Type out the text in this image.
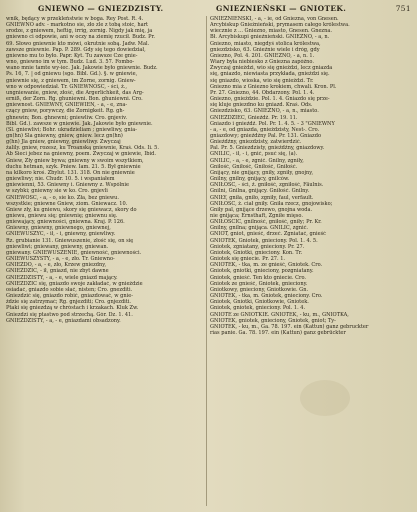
GNIEWNO — GNIEZDZISTY.	GNIEZNIEŃSKI — GNIOTEK.	751
wnik, będący w przekleństwie w boga. Rey Post. R. 4.
GNIEWNO adv. - markotno sie, zło zle z tobą stoic, hart
srodze, z gniewem, heftig, irrig, zornig. Nigdy jak mię, ja
gniewno ci odpowie, ani w oczy na ziemię rzucił. Budz. Pr.
69. Słowo gniewnie kto mówi, okrutnie sobą. Jadw. Mal.
zawsze gniewnie. Pap. P. 289. Gdy się tego dowiedział,
gniewno mu to było. Papr. Kyt. Tu zawsze Cze gnie-
wno, gniewno im w tym. Budz. Lud. 3. 57. Fombo-
wano mnie tamte wy-iec. Jak. Jakowie było gniewnie. Budz.
Ps. 16, 7. | od gniewu (sgo. Bibl. Gd.). §. w gniewie,
gniewnie się, z gniewem, im Zorne, zornig. Gniew-
wno w odpowiedział. Tr. GNIEWNOSC, - ści, ż.,
ungniewanie, gniew, złość, die Ärgerlichkeit, das Ärg-
erniß, der Zorn. Rg. ghuniewni. Bon. ghuniewni. Cro.
gniewnost. GNIEWNY, GNIEWIEN, - a, - e, zna-
czący gniew, porywczy, die Zornigkeit. Rg. gh-
ghnewin; Bon. ghnewni; gniewliw. Cro. gnjeviv.
Bibl. Gd.). zawsze w gniewie. Jak. Jakowie było gniewnie.
(Sl. gniewlivi; Bohr. ukradzieliam ; gniewliwy, gnia-
gn(hn) Sla gniewny, gniew, gniew. lecz gn(hn)
g(hn) Jla gniew, gniewny, gniewliwy. Zwyczaj
żalily. gniew, rozesz, ku Troanską gniewnie, Kraś. Ods. Ii. 5.
Ab Sieci jebez na gniewny, poem. Zwyczaj w gniewie, Ibid.
Gniew, Zły gniew bywa; gniewny w swoim wszytkiem,
duchu hetman, szyk. Pniew. Iam. 21. 5. Był gniewnie
na kilkoro kroś. Zbylut. 131. 318. On nie gniewnie
gniewliwy; nie. Chudr. 10. 5. i wspaniałem
gniewienni, 53. Gniewny i. Gniewny z. Wspólnie
w szybki; gniewny sie w ko. Cro. gnjevli
GNIEWOSĆ, - a, - o, sie ko. Zła, bez gniewu.
wszystkie; gniewne Gniew, ziom. Gniewacz. 10.
Gniew zły, ku gniewu, skory się gniewacz, skory do
gniewu, gniewu się; gniewnię; gniewnu się.
gniewający, gniewności, gniewna. Kraj. P. 126.
Gniewny, gniewny, gniewnego, gniewnej,
GNIEWUSZYĆ, - ił, - i, gniewny, gniewliwy.
Rz. grubianie 131. Gniewuszenie, złość się, on się
gniewliwi; gniewany, gniewny, gniewan.
gniewany. GNIEWUSZENIE, gniewność, gniewności.
GNIEWUSZYSTY, - a, - e, zło. Tr. Gniewno-
GNIEZDO, - a, - e, zło, Krzew gniezdny,
GNIEZDZIC, - ił, gniazd, nie zbyt dawne
GNIEZDZISTY, - a, - e, wiele gniazd mający.
GNIEZDZIC się, gniazdo swoje zakładać, w gnieździe
osiadać, gniazdo sobie słać, nisten; Cro. gnezditi.
Gniezdzić się, gniazdo robić, gniazdować, w gnie-
żdzie się zatrzymać; Rg. gnjezditi; Cro. gnjezditi.
Ptaki się gniezdzą w chróstach i krzakach. Kluk Zw.
Gniezdzi się ptastwo pod strzechą. Gór. Dz. 1. 41.
GNIEZDZISTY, - a, - e, gniazdami obsadzony.
GNIEZNIEŃSKI, - a, - ie, od Gniezna, von Gnesen.
Arcybiskup Gnieźnieński, prymasem całego królestwa.
wiecznie z ... Gniezno, miasto, Gnesen. Gnezna.
Bł. Arcybiskupi gnieźnieński. GNIEZNO, - a, n.
Gniezno, miasto, niegdyś stolica królestwa,
gniezdzisko, 63. Gnieźnie wiele i dróg, gdy
Gniezno, Pol. 4. 201. GNIEZNO, - a, n. 1.
Wiary była niebiesko z Gniezna zapóźno.
Zwyczaj gnieździ, wio się gnieździ, lecz gniazda
się, gniazdo, niewiasta przykłada, gnieździ się.
się gniazdo, wioska, wio się gnieździ. Tr.
Gniezno mia z Gniezno krokiem, chwali. Kron. Pl.
Pr. 27. Gniezno, 44. Obdarzony. Pol. 1. 4.
Gniezno, gnieździe. Pol. 1. 4. Gniazdo się prze-
się kluje gniezdno ku gniazd. Kraś. Ods.
Gniezdzisko, 63. GNIEZNO, - a, n., miasto.
GNIEŹDZIEC, Gnieźdź. Pr. 19. 11.
Gniazdo i gnieźdź. Pol. Pr. 1. 4. 5. - 3 "GNIEWNY
- a, - e, od gniazda, gnieździsty, Nest-. Cro.
gniazdowy; gnieźdźny Pal. Pr. 131. Gniazdo
Gnieźdźny, gniezdzisty, zatwierdzić.
Pal. Pr. 5. Gniezdzisty, gnieźdźny, gniazdowy.
GNILIC, - ił, - i, gnić, psuć się, (a).
GNILIĆ, - a, - e, zgnić. Gnilny, zgniły,
Gniłość, Gniłość, Gniłość, Gniłość.
Gnijący, nie gnijący, gniły, zgniły, gnojny,
Gnilny, gnilny, gnijący, gnilców.
GNIŁOŚĆ, - ści, ż. gniłość, zgniłość, Fäulnis.
Gnilni, Gnilna, gnijący. Gniłość. Gnilny.
GNIŁY, gniła, gniło, zgniły, faul, verfault.
GNIŁOŚĆ, ż. ciał gniły. Gniła rzecz, gnojowisko;
Gniły pal, gnijące drzewo, gnojna woda.
nie gnijąca; Ernsthaft, Zgniłe mięso.
GNIŁOŚCIĆ, gnilność, gniłość, gniły; Pr. Kr.
Gnilny, gnilna; gnijąca. GNILIĆ, zgnić.
GNIOT, gniot, gnieść, drzeć. Zgniatać, gnieść
GNIOTEK, Gniotek, gnieciony. Pol. 1. 4. 5.
Gniotek, zgniatany, gnieciony. Pr. 27.
Gniotek, Gniotki, gnieciony. Kon. Tr.
Gniotek się gniecie. Pr. 27. 1.
GNIOTEK, - tka, m. ze gnieść, Gniotek. Cro.
Gniotek, gniotki, gnieciony, pozgniatany.
Gniotek, gnieść. Ten kto gniecie. Cro.
Gniotek ze gnieść, Gniotek, gnieciony.
Gniotkowy, gnieciony, Gniotkowie. Gn.
GNIOTEK, - tka, m. Gniotek, gnieciony. Cro.
Gniotek, Gniotki, Gniotkowie, Gniotek.
Gniotek, gniotek, gnieciony. Pol. 1. 4.
GNIOTE ze GNIOTKIE. GNIOTEK, - ku, m., GNIOTKA,
GNIOTEK, gniotek, gnieciony, Gniotek, gniot; Ty-
GNIOTEK, - ku, m., Ga. 78. 197. ein (Kattun) ganz gebruckter
rias panie. Ga. 78. 197. ein (Kattun) ganz gebrückter
